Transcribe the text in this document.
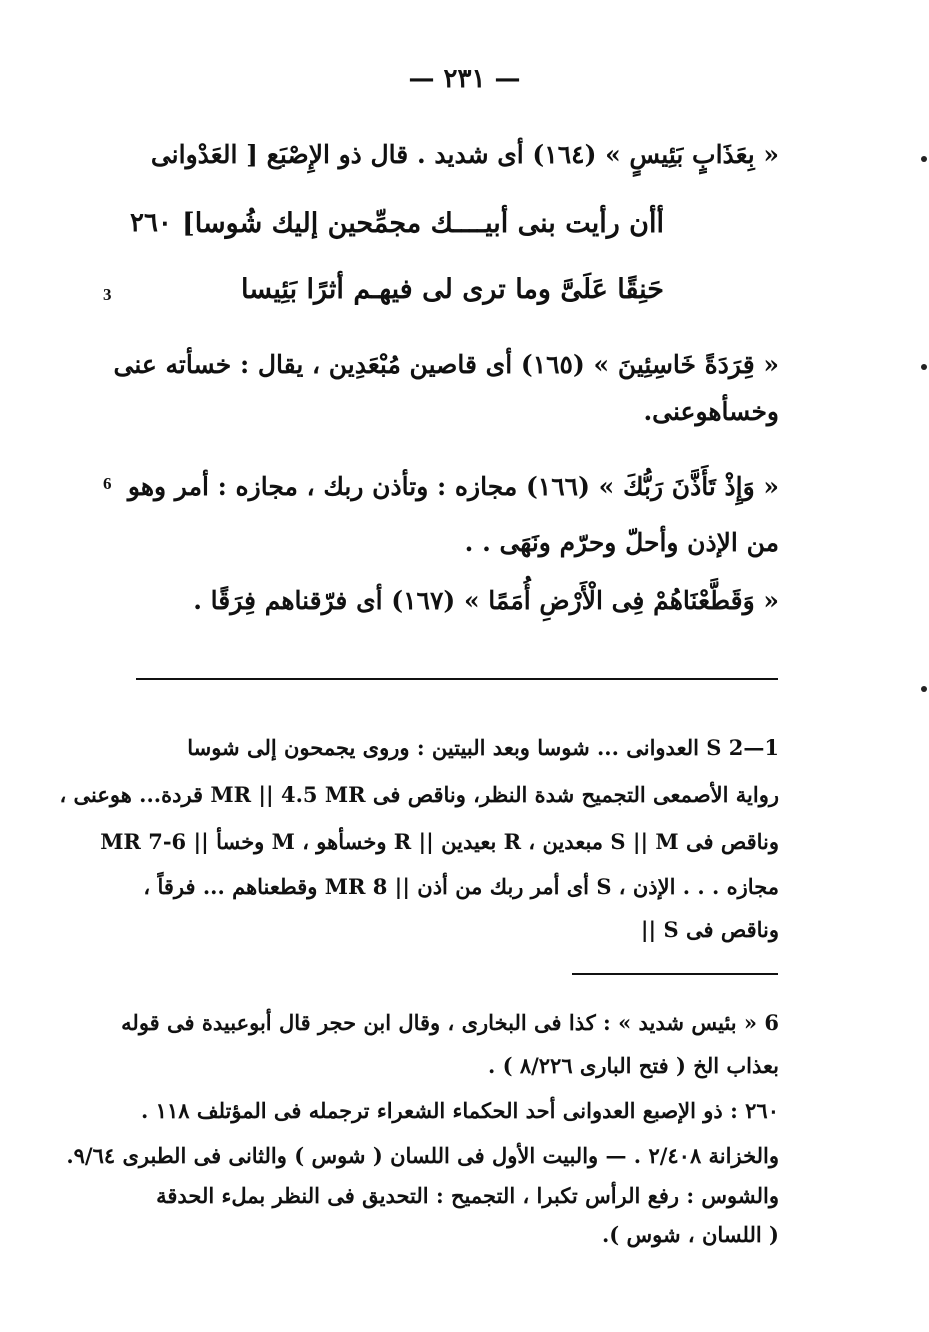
— ٢٣١ —
« بِعَذَابٍ بَئِيسٍ » (١٦٤) أى شديد . قال ذو الإِصْبَع [ العَدْوانى
أأن رأيت بنى أبيــــك مجمِّحين إليك شُوسا]
٢٦٠
3	حَنِقًا عَلَىَّ وما ترى لى فيهـم أثرًا بَئِيسا
« قِرَدَةً خَاسِئِينَ » (١٦٥) أى قاصين مُبْعَدِين ، يقال : خسأته عنى
وخسأهوعنى.
6 « وَإِذْ تَأَذَّنَ رَبُّكَ » (١٦٦) مجازه : وتأذن ربك ، مجازه : أمر وهو
من الإذن وأحلّ وحرّم ونَهَى . .
« وَقَطَّعْنَاهُمْ فِى الْأَرْضِ أُمَمًا » (١٦٧) أى فرّقناهم فِرَقًا .
1—2 S العدوانى ... شوسا وبعد البيتين : وروى يجمحون إلى شوسا
رواية الأصمعى التجميح شدة النظر، وناقص فى MR || 4.5 MR قردة... هوعنى ،
وناقص فى S || M مبعدين ، R بعيدين || R وخسأهو ، M وخسأ || 6-7 MR
مجازه . . . الإذن ، S أى أمر ربك من أذن || 8 MR وقطعناهم ... فرقاً ،
وناقص فى S ||
6 « بئيس شديد » : كذا فى البخارى ، وقال ابن حجر قال أبوعبيدة فى قوله
بعذاب الخ ( فتح البارى ٨/٢٢٦ ) .
٢٦٠ : ذو الإصبع العدوانى أحد الحكماء الشعراء ترجمله فى المؤتلف ١١٨ .
والخزانة ٢/٤٠٨ . — والبيت الأول فى اللسان ( شوس ) والثانى فى الطبرى ٩/٦٤.
والشوس : رفع الرأس تكبرا ، التجميح : التحديق فى النظر بملء الحدقة
( اللسان ، شوس ).
